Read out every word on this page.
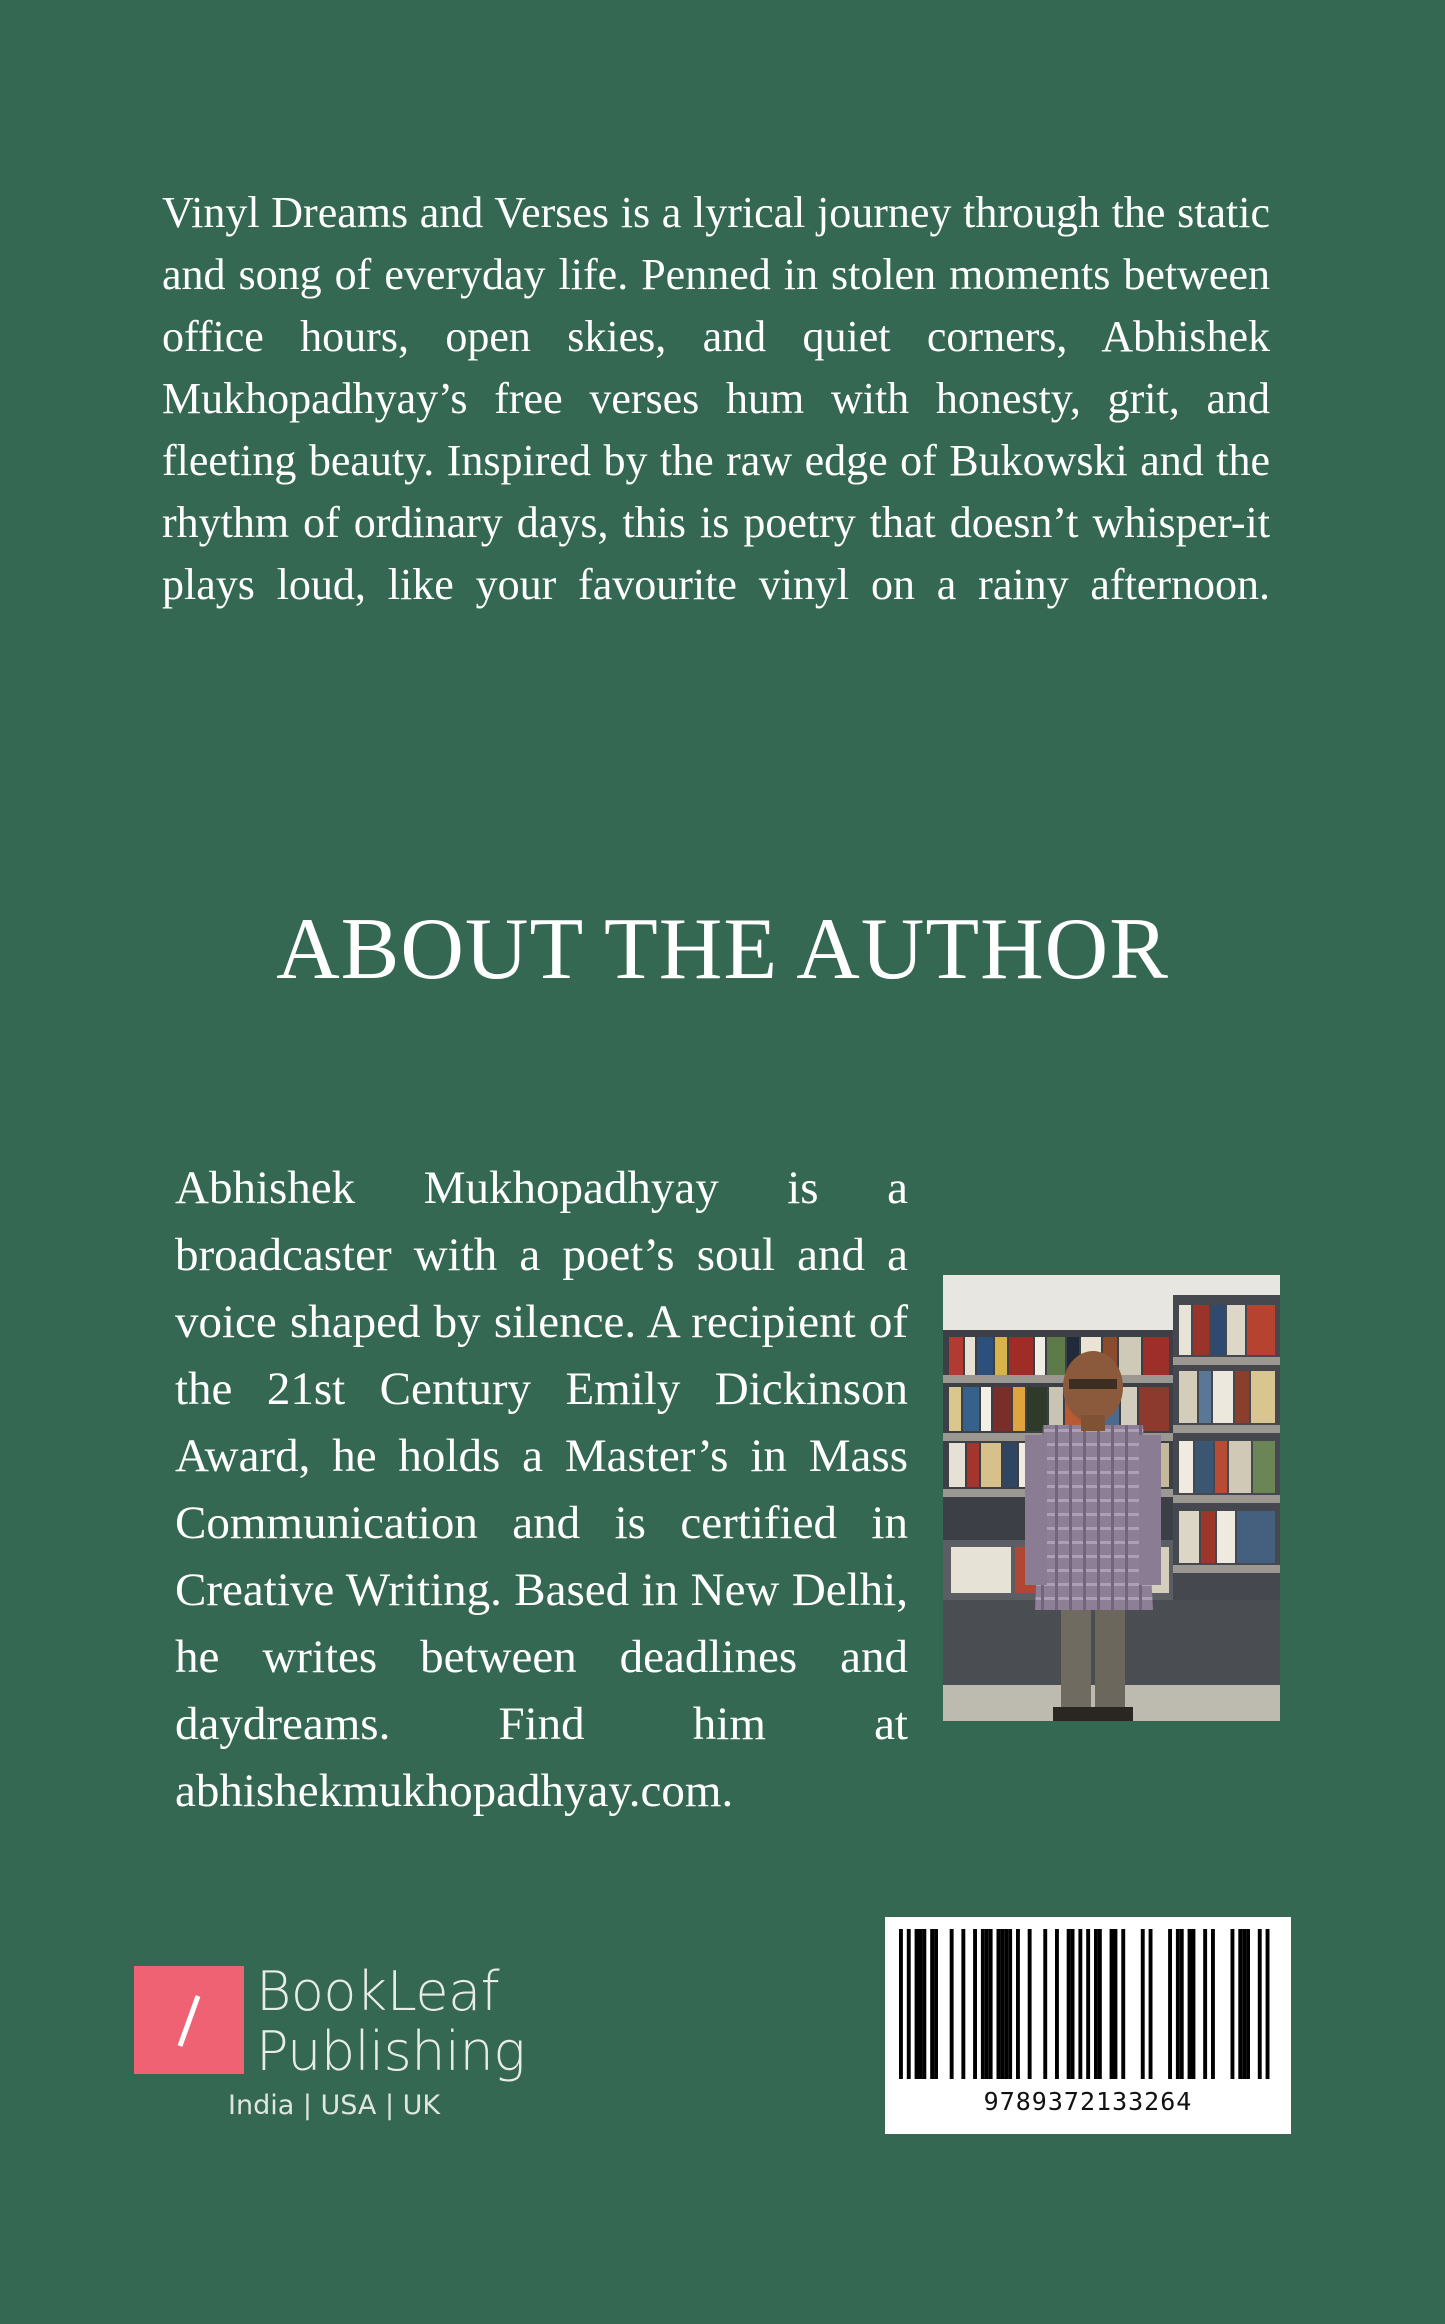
Vinyl Dreams and Verses is a lyrical journey through the static and song of everyday life. Penned in stolen moments between office hours, open skies, and quiet corners, Abhishek Mukhopadhyay’s free verses hum with honesty, grit, and fleeting beauty. Inspired by the raw edge of Bukowski and the rhythm of ordinary days, this is poetry that doesn’t whisper-it plays loud, like your favourite vinyl on a rainy afternoon.

ABOUT THE AUTHOR

Abhishek Mukhopadhyay is a broadcaster with a poet’s soul and a voice shaped by silence. A recipient of the 21st Century Emily Dickinson Award, he holds a Master’s in Mass Communication and is certified in Creative Writing. Based in New Delhi, he writes between deadlines and daydreams. Find him at abhishekmukhopadhyay.com.

BookLeaf
Publishing
India | USA | UK	9789372133264
